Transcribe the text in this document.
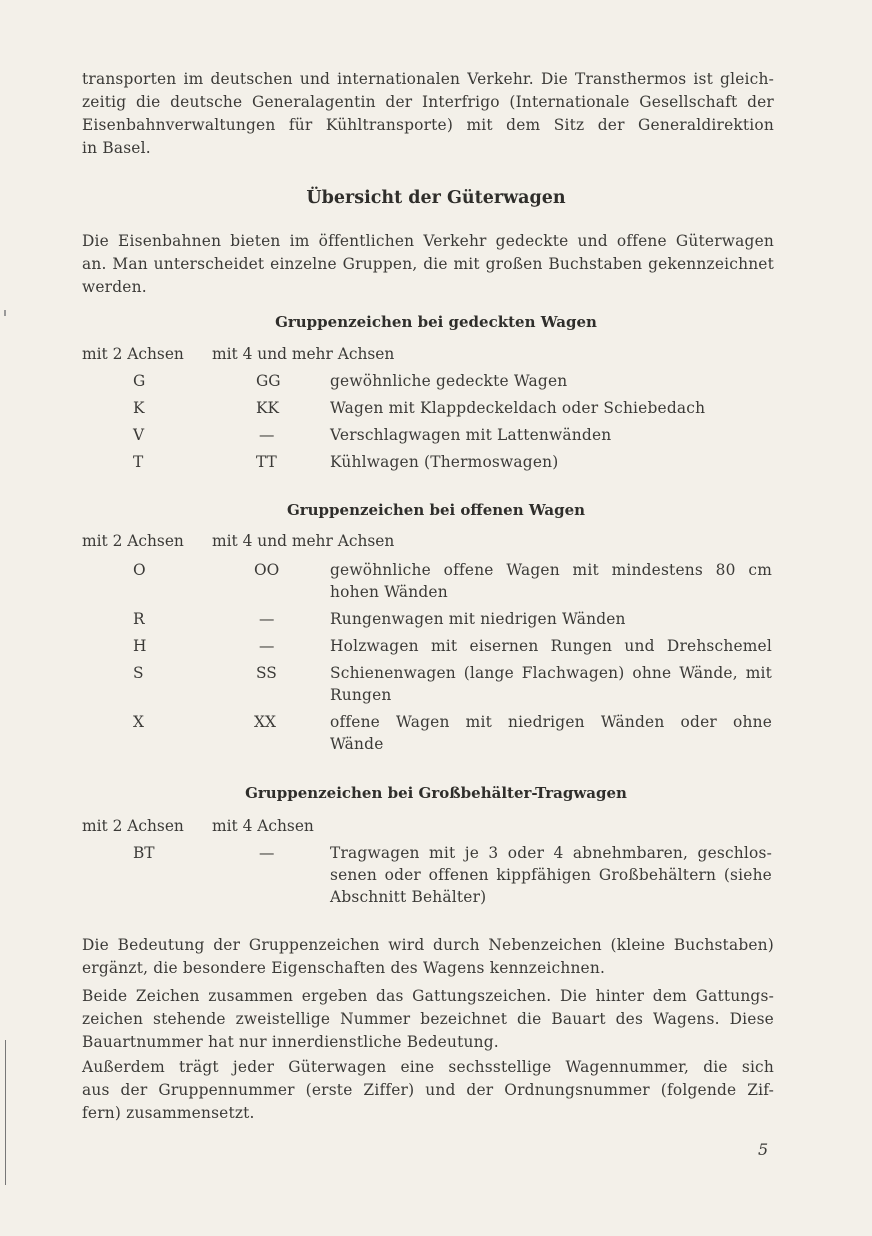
transporten im deutschen und internationalen Verkehr. Die Transthermos ist gleich-
zeitig die deutsche Generalagentin der Interfrigo (Internationale Gesellschaft der
Eisenbahnverwaltungen für Kühltransporte) mit dem Sitz der Generaldirektion
in Basel.
Übersicht der Güterwagen
Die Eisenbahnen bieten im öffentlichen Verkehr gedeckte und offene Güterwagen
an. Man unterscheidet einzelne Gruppen, die mit großen Buchstaben gekennzeichnet
werden.
Gruppenzeichen bei gedeckten Wagen
mit 2 Achsen mit 4 und mehr Achsen
G	GG	gewöhnliche gedeckte Wagen
K	KK	Wagen mit Klappdeckeldach oder Schiebedach
V	—	Verschlagwagen mit Lattenwänden
T	TT	Kühlwagen (Thermoswagen)
Gruppenzeichen bei offenen Wagen
mit 2 Achsen mit 4 und mehr Achsen
O	OO	gewöhnliche offene Wagen mit mindestens 80 cm
hohen Wänden
R	—	Rungenwagen mit niedrigen Wänden
H	—	Holzwagen mit eisernen Rungen und Drehschemel
S	SS	Schienenwagen (lange Flachwagen) ohne Wände, mit
Rungen
X	XX	offene Wagen mit niedrigen Wänden oder ohne
Wände
Gruppenzeichen bei Großbehälter-Tragwagen
mit 2 Achsen mit 4 Achsen
BT	—	Tragwagen mit je 3 oder 4 abnehmbaren, geschlos-
senen oder offenen kippfähigen Großbehältern (siehe
Abschnitt Behälter)
Die Bedeutung der Gruppenzeichen wird durch Nebenzeichen (kleine Buchstaben)
ergänzt, die besondere Eigenschaften des Wagens kennzeichnen.
Beide Zeichen zusammen ergeben das Gattungszeichen. Die hinter dem Gattungs-
zeichen stehende zweistellige Nummer bezeichnet die Bauart des Wagens. Diese
Bauartnummer hat nur innerdienstliche Bedeutung.
Außerdem trägt jeder Güterwagen eine sechsstellige Wagennummer, die sich
aus der Gruppennummer (erste Ziffer) und der Ordnungsnummer (folgende Zif-
fern) zusammensetzt.
5
